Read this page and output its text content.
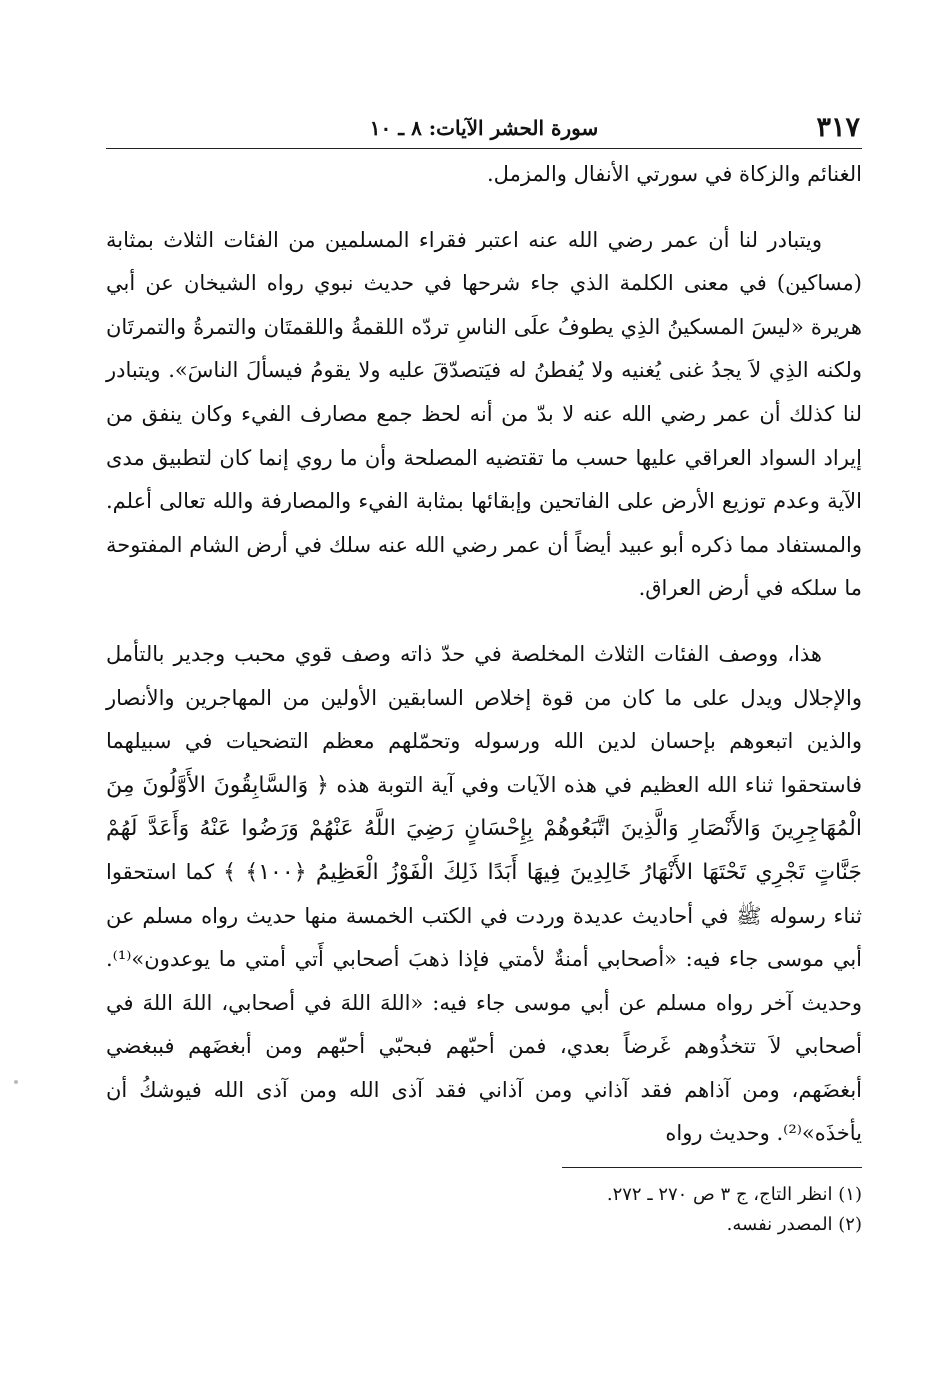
٣١٧
سورة الحشر الآيات: ٨ ـ ١٠

الغنائم والزكاة في سورتي الأنفال والمزمل.

ويتبادر لنا أن عمر رضي الله عنه اعتبر فقراء المسلمين من الفئات الثلاث بمثابة (مساكين) في معنى الكلمة الذي جاء شرحها في حديث نبوي رواه الشيخان عن أبي هريرة «ليسَ المسكينُ الذِي يطوفُ علَى الناسِ تردّه اللقمةُ واللقمتَان والتمرةُ والتمرتَان ولكنه الذِي لاَ يجدُ غنى يُغنيه ولا يُفطنُ له فيَتصدّقَ عليه ولا يقومُ فيسألَ الناسَ». ويتبادر لنا كذلك أن عمر رضي الله عنه لا بدّ من أنه لحظ جمع مصارف الفيء وكان ينفق من إيراد السواد العراقي عليها حسب ما تقتضيه المصلحة وأن ما روي إنما كان لتطبيق مدى الآية وعدم توزيع الأرض على الفاتحين وإبقائها بمثابة الفيء والمصارفة والله تعالى أعلم. والمستفاد مما ذكره أبو عبيد أيضاً أن عمر رضي الله عنه سلك في أرض الشام المفتوحة ما سلكه في أرض العراق.

هذا، ووصف الفئات الثلاث المخلصة في حدّ ذاته وصف قوي محبب وجدير بالتأمل والإجلال ويدل على ما كان من قوة إخلاص السابقين الأولين من المهاجرين والأنصار والذين اتبعوهم بإحسان لدين الله ورسوله وتحمّلهم معظم التضحيات في سبيلهما فاستحقوا ثناء الله العظيم في هذه الآيات وفي آية التوبة هذه ﴿ وَالسَّابِقُونَ الأَوَّلُونَ مِنَ الْمُهَاجِرِينَ وَالأَنْصَارِ وَالَّذِينَ اتَّبَعُوهُمْ بِإِحْسَانٍ رَضِيَ اللَّهُ عَنْهُمْ وَرَضُوا عَنْهُ وَأَعَدَّ لَهُمْ جَنَّاتٍ تَجْرِي تَحْتَهَا الأَنْهَارُ خَالِدِينَ فِيهَا أَبَدًا ذَلِكَ الْفَوْزُ الْعَظِيمُ ﴿١٠٠﴾ ﴾ كما استحقوا ثناء رسوله ﷺ في أحاديث عديدة وردت في الكتب الخمسة منها حديث رواه مسلم عن أبي موسى جاء فيه: «أصحابي أمنةٌ لأمتي فإذا ذهبَ أصحابي أَتي أمتي ما يوعدون»⁽¹⁾. وحديث آخر رواه مسلم عن أبي موسى جاء فيه: «اللهَ اللهَ في أصحابي، اللهَ اللهَ في أصحابي لاَ تتخذُوهم غَرضاً بعدي، فمن أحبّهم فبحبّي أحبّهم ومن أبغضَهم فببغضي أبغضَهم، ومن آذاهم فقد آذاني ومن آذاني فقد آذى الله ومن آذى الله فيوشكُ أن يأخذَه»⁽²⁾. وحديث رواه

(١) انظر التاج، ج ٣ ص ٢٧٠ ـ ٢٧٢.

(٢) المصدر نفسه.
